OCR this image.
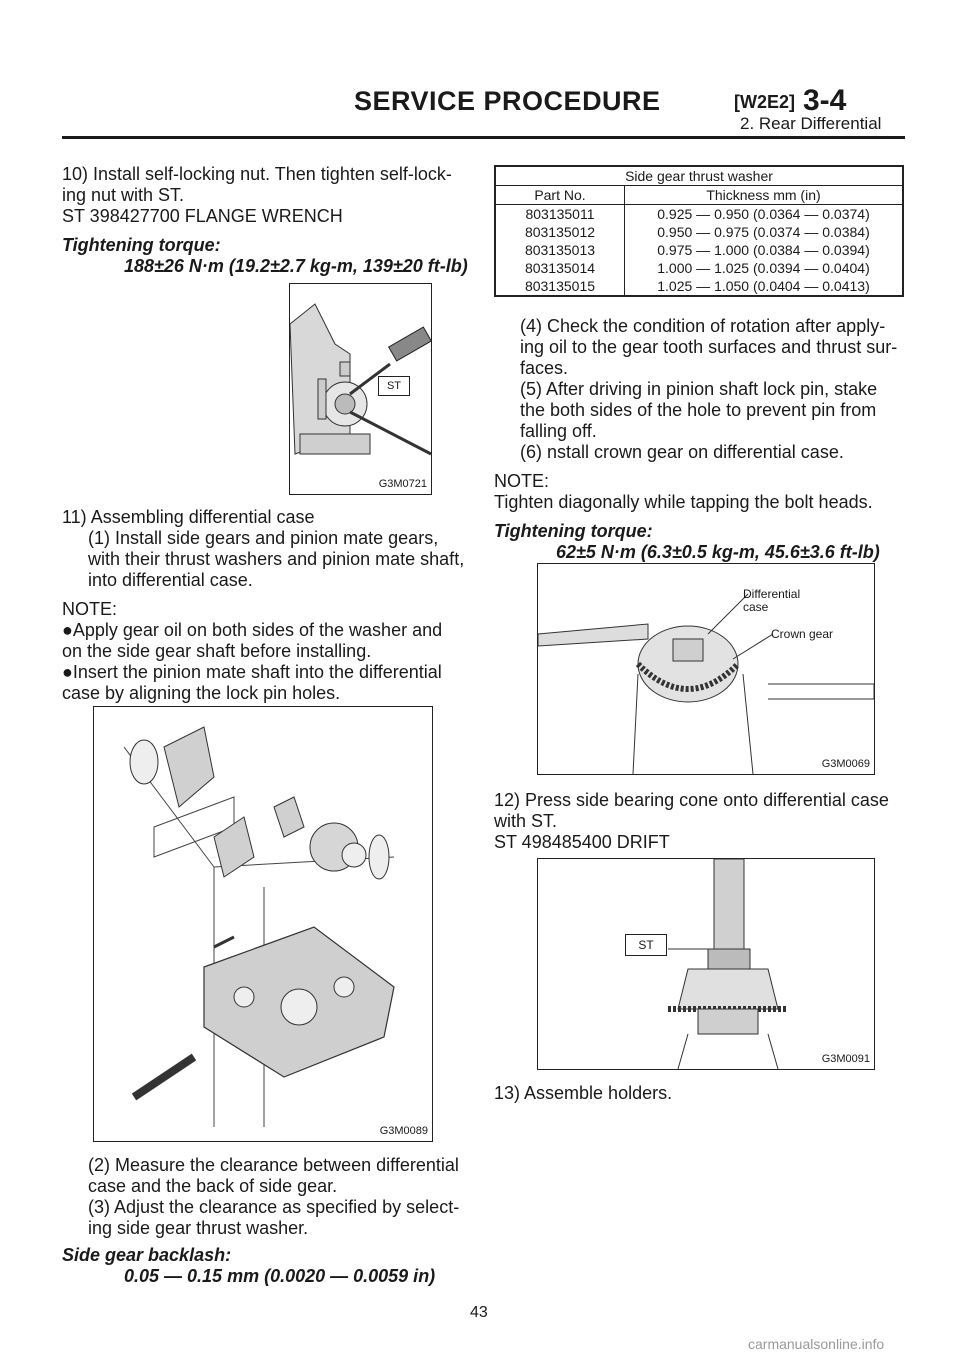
SERVICE PROCEDURE	[W2E2] 3-4
2. Rear Differential

10) Install self-locking nut. Then tighten self-lock-

ing nut with ST.

ST 398427700 FLANGE WRENCH

Tightening torque:

188±26 N·m (19.2±2.7 kg-m, 139±20 ft-lb)

ST
G3M0721

11) Assembling differential case

(1) Install side gears and pinion mate gears,

with their thrust washers and pinion mate shaft,

into differential case.

NOTE:

●Apply gear oil on both sides of the washer and

on the side gear shaft before installing.

●Insert the pinion mate shaft into the differential

case by aligning the lock pin holes.

G3M0089

(2) Measure the clearance between differential

case and the back of side gear.

(3) Adjust the clearance as specified by select-

ing side gear thrust washer.

Side gear backlash:

0.05 — 0.15 mm (0.0020 — 0.0059 in)

Side gear thrust washer	
Part No.	Thickness mm (in)
803135011	0.925 — 0.950 (0.0364 — 0.0374)
803135012	0.950 — 0.975 (0.0374 — 0.0384)
803135013	0.975 — 1.000 (0.0384 — 0.0394)
803135014	1.000 — 1.025 (0.0394 — 0.0404)
803135015	1.025 — 1.050 (0.0404 — 0.0413)

(4) Check the condition of rotation after apply-

ing oil to the gear tooth surfaces and thrust sur-

faces.

(5) After driving in pinion shaft lock pin, stake

the both sides of the hole to prevent pin from

falling off.

(6) nstall crown gear on differential case.

NOTE:

Tighten diagonally while tapping the bolt heads.

Tightening torque:

62±5 N·m (6.3±0.5 kg-m, 45.6±3.6 ft-lb)

Differential
case
Crown gear
G3M0069

12) Press side bearing cone onto differential case

with ST.

ST 498485400 DRIFT

ST
G3M0091

13) Assemble holders.

43
carmanualsonline.info
